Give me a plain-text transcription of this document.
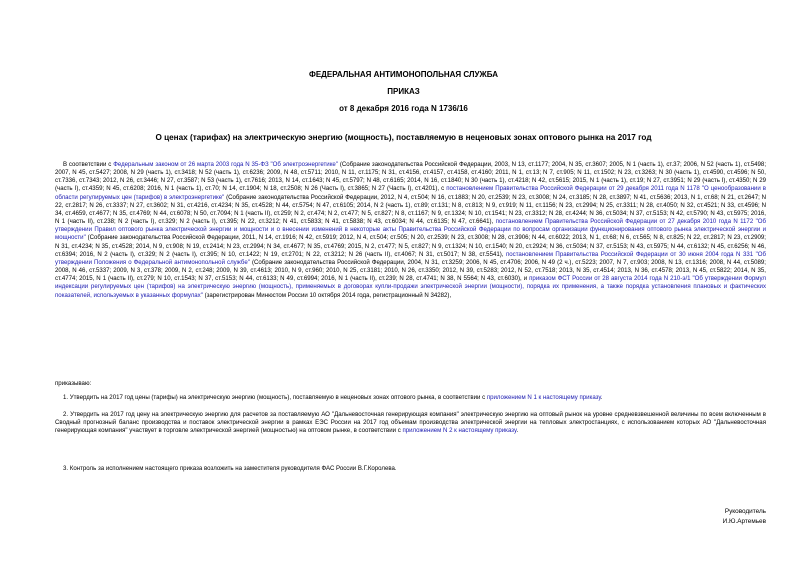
ФЕДЕРАЛЬНАЯ АНТИМОНОПОЛЬНАЯ СЛУЖБА
ПРИКАЗ
от 8 декабря 2016 года N 1736/16
О ценах (тарифах) на электрическую энергию (мощность), поставляемую в неценовых зонах оптового рынка на 2017 год
В соответствии с Федеральным законом от 26 марта 2003 года N 35-ФЗ "Об электроэнергетике" (Собрание законодательства Российской Федерации, 2003, N 13, ст.1177; 2004, N 35, ст.3607; 2005, N 1 (часть 1), ст.37; 2006, N 52 (часть 1), ст.5498; 2007, N 45, ст.5427; 2008, N 29 (часть 1), ст.3418; N 52 (часть 1), ст.6236; 2009, N 48, ст.5711; 2010, N 11, ст.1175; N 31, ст.4156, ст.4157, ст.4158, ст.4160; 2011, N 1, ст.13; N 7, ст.905; N 11, ст.1502; N 23, ст.3263; N 30 (часть 1), ст.4590, ст.4596; N 50, ст.7336, ст.7343; 2012, N 26, ст.3446; N 27, ст.3587; N 53 (часть 1), ст.7616; 2013, N 14, ст.1643; N 45, ст.5797; N 48, ст.6165; 2014, N 16, ст.1840; N 30 (часть 1), ст.4218; N 42, ст.5615; 2015, N 1 (часть 1), ст.19; N 27, ст.3951; N 29 (часть I), ст.4350; N 29 (часть I), ст.4359; N 45, ст.6208; 2016, N 1 (часть 1), ст.70; N 14, ст.1904; N 18, ст.2508; N 26 (Часть I), ст.3865; N 27 (Часть I), ст.4201), с постановлением Правительства Российской Федерации от 29 декабря 2011 года N 1178 "О ценообразовании в области регулируемых цен (тарифов) в электроэнергетике" (Собрание законодательства Российской Федерации, 2012, N 4, ст.504; N 16, ст.1883; N 20, ст.2539; N 23, ст.3008; N 24, ст.3185; N 28, ст.3897; N 41, ст.5636; 2013, N 1, ст.68; N 21, ст.2647; N 22, ст.2817; N 26, ст.3337; N 27, ст.3602; N 31, ст.4216, ст.4234; N 35, ст.4528; N 44, ст.5754; N 47, ст.6105; 2014, N 2 (часть 1), ст.89; ст.131; N 8, ст.813; N 9, ст.919; N 11, ст.1156; N 23, ст.2994; N 25, ст.3311; N 28, ст.4050; N 32, ст.4521; N 33, ст.4596; N 34, ст.4659, ст.4677; N 35, ст.4769; N 44, ст.6078; N 50, ст.7094; N 1 (часть II), ст.259; N 2, ст.474; N 2, ст.477; N 5, ст.827; N 8, ст.1167; N 9, ст.1324; N 10, ст.1541; N 23, ст.3312; N 28, ст.4244; N 36, ст.5034; N 37, ст.5153; N 42, ст.5790; N 43, ст.5975; 2016, N 1 (часть II), ст.238; N 2 (часть I), ст.329; N 2 (часть I), ст.395; N 22, ст.3212; N 41, ст.5833; N 41, ст.5838; N 43, ст.6034; N 44, ст.6135; N 47, ст.6641), постановлением Правительства Российской Федерации от 27 декабря 2010 года N 1172 "Об утверждении Правил оптового рынка электрической энергии и мощности и о внесении изменений в некоторые акты Правительства Российской Федерации по вопросам организации функционирования оптового рынка электрической энергии и мощности" (Собрание законодательства Российской Федерации, 2011, N 14, ст.1916; N 42, ст.5919; 2012, N 4, ст.504; ст.505; N 20, ст.2539; N 23, ст.3008; N 28, ст.3906; N 44, ст.6022; 2013, N 1, ст.68; N 6, ст.565; N 8, ст.825; N 22, ст.2817; N 23, ст.2909; N 31, ст.4234; N 35, ст.4528; 2014, N 9, ст.908; N 19, ст.2414; N 23, ст.2994; N 34, ст.4677; N 35, ст.4769; 2015, N 2, ст.477; N 5, ст.827; N 9, ст.1324; N 10, ст.1540; N 20, ст.2924; N 36, ст.5034; N 37, ст.5153; N 43, ст.5975; N 44, ст.6132; N 45, ст.6256; N 46, ст.6394; 2016, N 2 (часть I), ст.329; N 2 (часть I), ст.395; N 10, ст.1422; N 19, ст.2701; N 22, ст.3212; N 26 (часть II), ст.4067; N 31, ст.5017; N 38, ст.5541), постановлением Правительства Российской Федерации от 30 июня 2004 года N 331 "Об утверждении Положения о Федеральной антимонопольной службе" (Собрание законодательства Российской Федерации, 2004, N 31, ст.3259; 2006, N 45, ст.4706; 2006, N 49 (2 ч.), ст.5223; 2007, N 7, ст.903; 2008, N 13, ст.1316; 2008, N 44, ст.5089; 2008, N 46, ст.5337; 2009, N 3, ст.378; 2009, N 2, ст.248; 2009, N 39, ст.4613; 2010, N 9, ст.960; 2010, N 25, ст.3181; 2010, N 26, ст.3350; 2012, N 39, ст.5283; 2012, N 52, ст.7518; 2013, N 35, ст.4514; 2013, N 36, ст.4578; 2013, N 45, ст.5822; 2014, N 35, ст.4774; 2015, N 1 (часть II), ст.279; N 10, ст.1543; N 37, ст.5153; N 44, ст.6133; N 49, ст.6994; 2016, N 1 (часть II), ст.239; N 28, ст.4741; N 38, N 5564; N 43, ст.6030), и приказом ФСТ России от 28 августа 2014 года N 210-э/1 "Об утверждении Формул индексации регулируемых цен (тарифов) на электрическую энергию (мощность), применяемых в договорах купли-продажи электрической энергии (мощности), порядка их применения, а также порядка установления плановых и фактических показателей, используемых в указанных формулах" (зарегистрирован Минюстом России 10 октября 2014 года, регистрационный N 34282),
приказываю:
1. Утвердить на 2017 год цены (тарифы) на электрическую энергию (мощность), поставляемую в неценовых зонах оптового рынка, в соответствии с приложением N 1 к настоящему приказу.
2. Утвердить на 2017 год цену на электрическую энергию для расчетов за поставляемую АО "Дальневосточная генерирующая компания" электрическую энергию на оптовый рынок на уровне средневзвешенной величины по всем включенным в Сводный прогнозный баланс производства и поставок электрической энергии в рамках ЕЭС России на 2017 год объемам производства электрической энергии на тепловых электростанциях, с использованием которых АО "Дальневосточная генерирующая компания" участвует в торговле электрической энергией (мощностью) на оптовом рынке, в соответствии с приложением N 2 к настоящему приказу.
3. Контроль за исполнением настоящего приказа возложить на заместителя руководителя ФАС России В.Г.Королева.
Руководитель
И.Ю.Артемьев
